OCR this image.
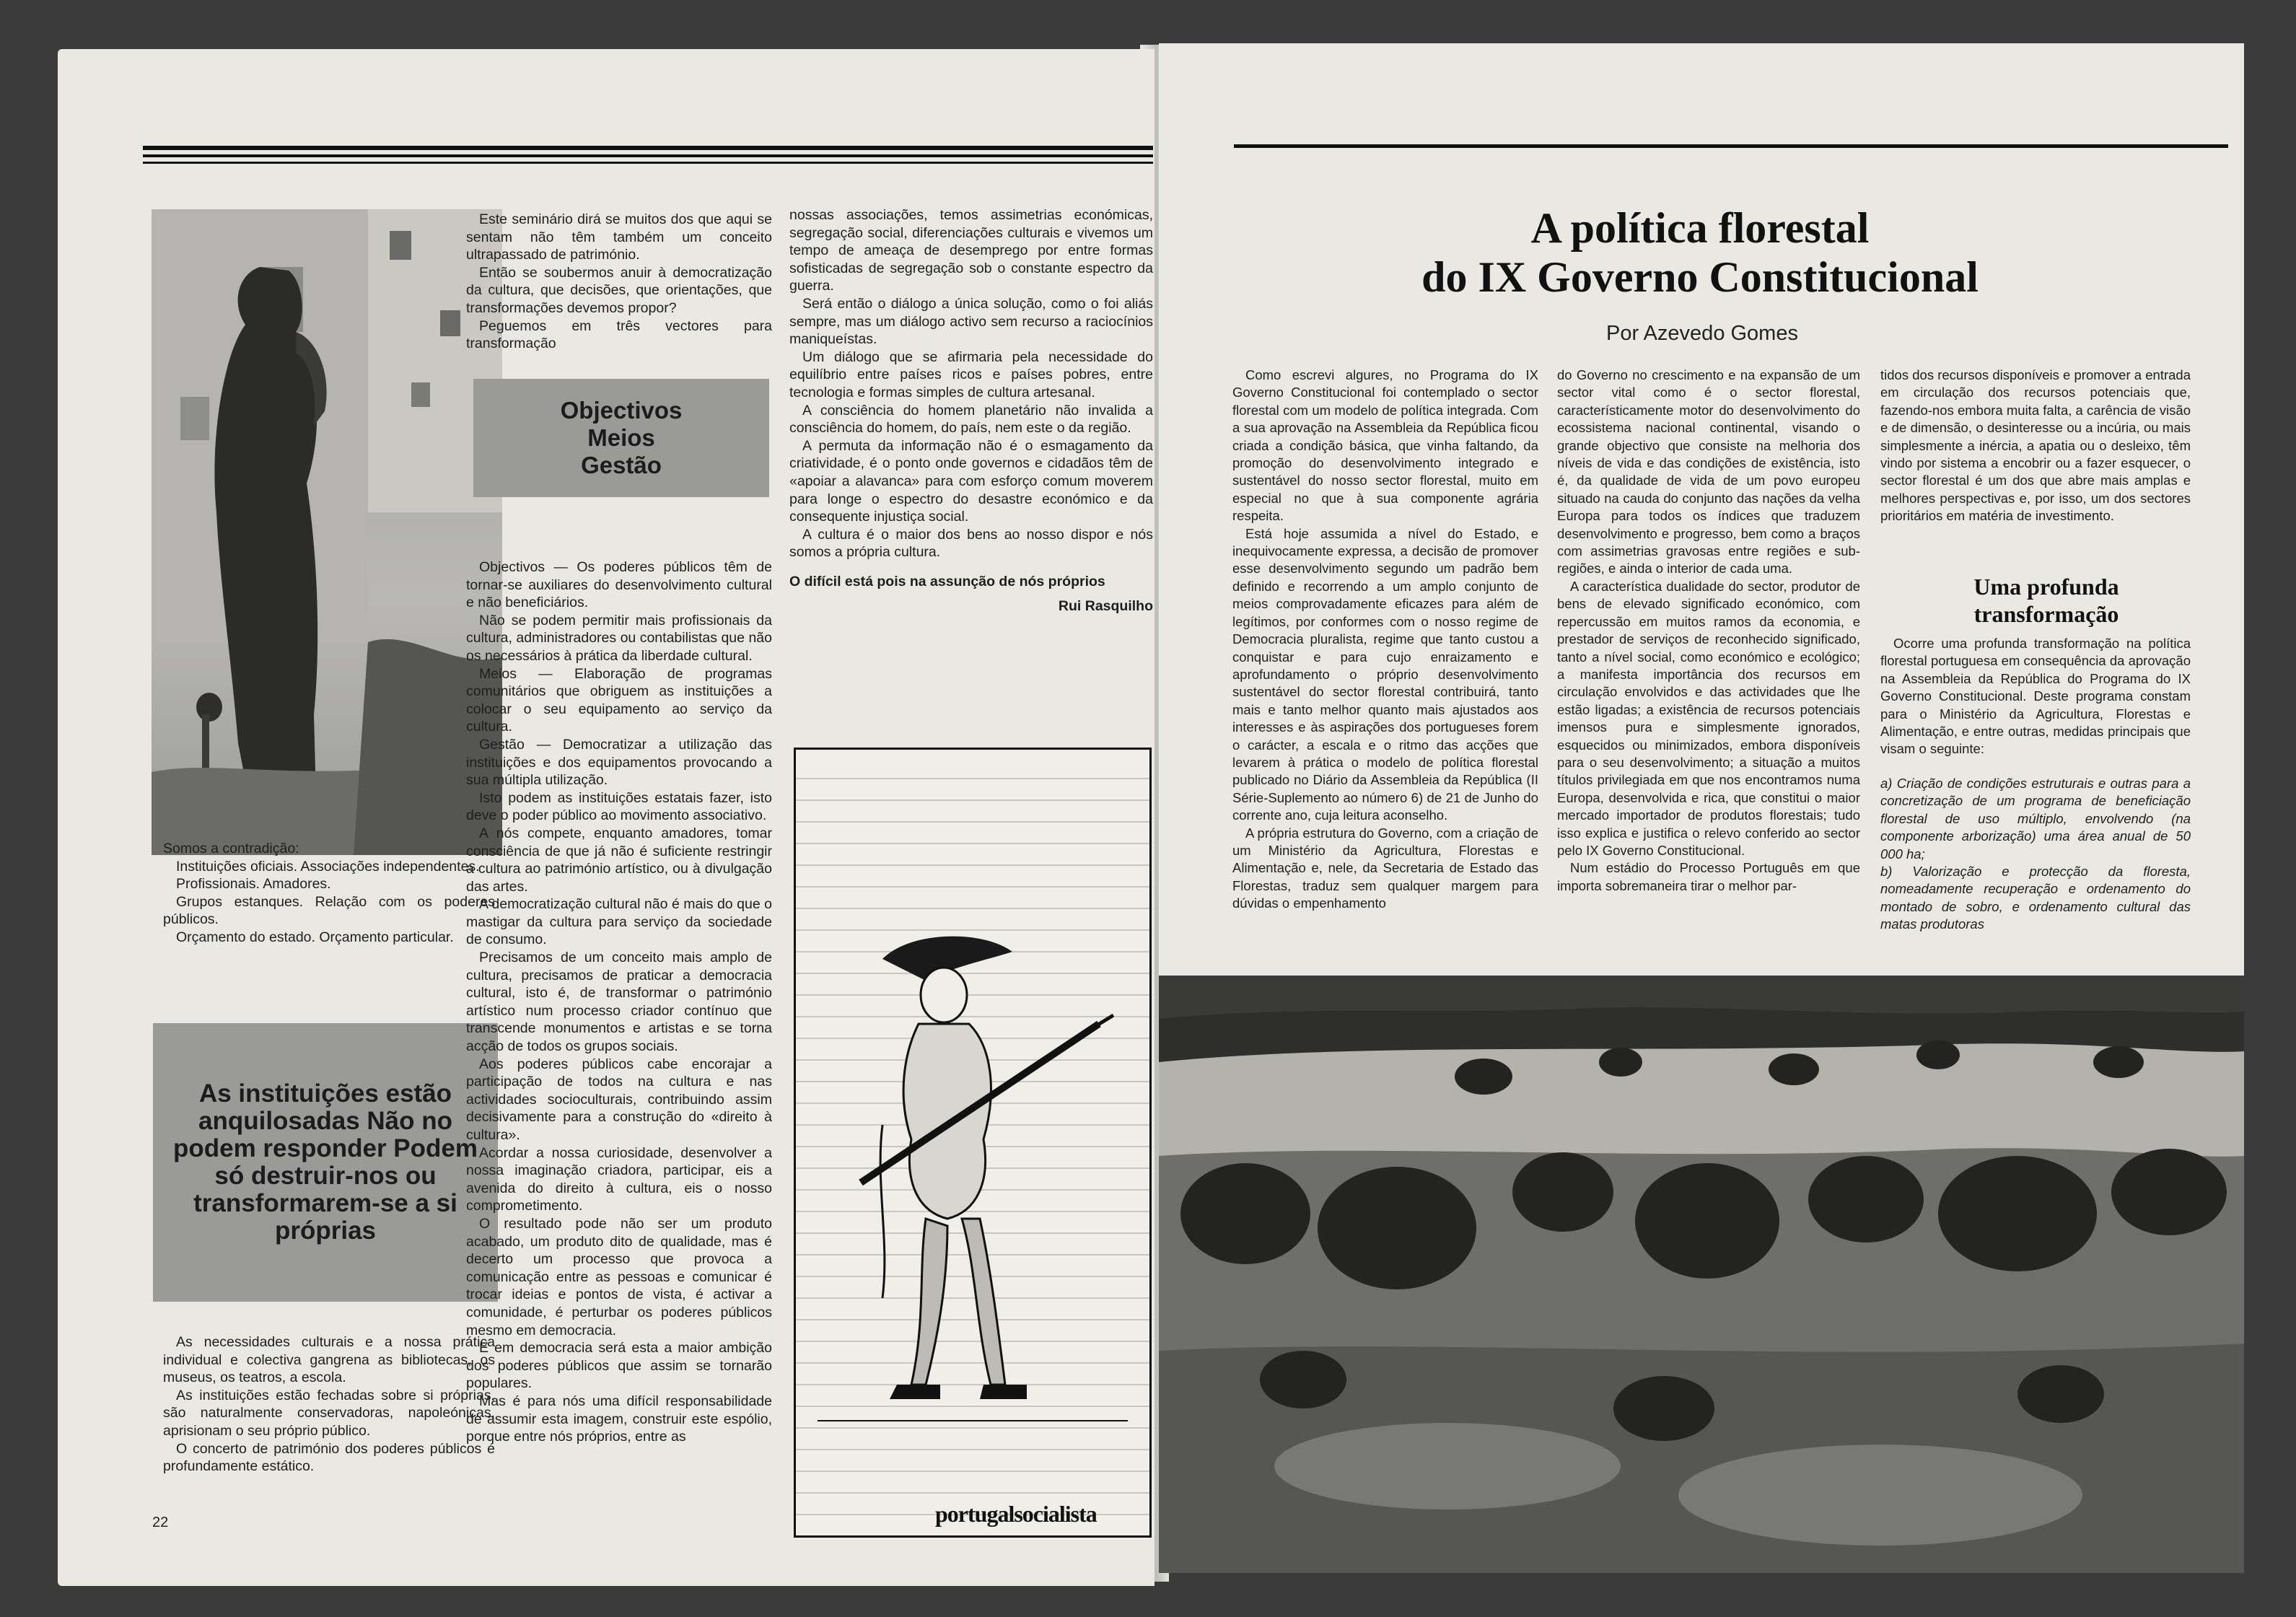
Somos a contradição:

Instituições oficiais. Associações independentes.

Profissionais. Amadores.

Grupos estanques. Relação com os poderes públicos.

Orçamento do estado. Orçamento particular.

As instituições estão anquilosadas Não no podem responder Podem só destruir-nos ou transformarem-se a si próprias

As necessidades culturais e a nossa prática individual e colectiva gangrena as bibliotecas, os museus, os teatros, a escola.

As instituições estão fechadas sobre si próprias, são naturalmente conservadoras, napoleónicas, aprisionam o seu próprio público.

O concerto de património dos poderes públicos é profundamente estático.

Este seminário dirá se muitos dos que aqui se sentam não têm também um conceito ultrapassado de património.

Então se soubermos anuir à democratização da cultura, que decisões, que orientações, que transformações devemos propor?

Peguemos em três vectores para transformação

Objectivos
Meios
Gestão

Objectivos — Os poderes públicos têm de tornar-se auxiliares do desenvolvimento cultural e não beneficiários.

Não se podem permitir mais profissionais da cultura, administradores ou contabilistas que não os necessários à prática da liberdade cultural.

Meios — Elaboração de programas comunitários que obriguem as instituições a colocar o seu equipamento ao serviço da cultura.

Gestão — Democratizar a utilização das instituições e dos equipamentos provocando a sua múltipla utilização.

Isto podem as instituições estatais fazer, isto deve o poder público ao movimento associativo.

A nós compete, enquanto amadores, tomar consciência de que já não é suficiente restringir a cultura ao património artístico, ou à divulgação das artes.

A democratização cultural não é mais do que o mastigar da cultura para serviço da sociedade de consumo.

Precisamos de um conceito mais amplo de cultura, precisamos de praticar a democracia cultural, isto é, de transformar o património artístico num processo criador contínuo que transcende monumentos e artistas e se torna acção de todos os grupos sociais.

Aos poderes públicos cabe encorajar a participação de todos na cultura e nas actividades socioculturais, contribuindo assim decisivamente para a construção do «direito à cultura».

Acordar a nossa curiosidade, desenvolver a nossa imaginação criadora, participar, eis a avenida do direito à cultura, eis o nosso comprometimento.

O resultado pode não ser um produto acabado, um produto dito de qualidade, mas é decerto um processo que provoca a comunicação entre as pessoas e comunicar é trocar ideias e pontos de vista, é activar a comunidade, é perturbar os poderes públicos mesmo em democracia.

E em democracia será esta a maior ambição dos poderes públicos que assim se tornarão populares.

Mas é para nós uma difícil responsabilidade de assumir esta imagem, construir este espólio, porque entre nós próprios, entre as

nossas associações, temos assimetrias económicas, segregação social, diferenciações culturais e vivemos um tempo de ameaça de desemprego por entre formas sofisticadas de segregação sob o constante espectro da guerra.

Será então o diálogo a única solução, como o foi aliás sempre, mas um diálogo activo sem recurso a raciocínios maniqueístas.

Um diálogo que se afirmaria pela necessidade do equilíbrio entre países ricos e países pobres, entre tecnologia e formas simples de cultura artesanal.

A consciência do homem planetário não invalida a consciência do homem, do país, nem este o da região.

A permuta da informação não é o esmagamento da criatividade, é o ponto onde governos e cidadãos têm de «apoiar a alavanca» para com esforço comum moverem para longe o espectro do desastre económico e da consequente injustiça social.

A cultura é o maior dos bens ao nosso dispor e nós somos a própria cultura.

O difícil está pois na assunção de nós próprios

Rui Rasquilho

22	portugalsocialista
A política florestal
do IX Governo Constitucional
Por Azevedo Gomes

Como escrevi algures, no Programa do IX Governo Constitucional foi contemplado o sector florestal com um modelo de política integrada. Com a sua aprovação na Assembleia da República ficou criada a condição básica, que vinha faltando, da promoção do desenvolvimento integrado e sustentável do nosso sector florestal, muito em especial no que à sua componente agrária respeita.

Está hoje assumida a nível do Estado, e inequivocamente expressa, a decisão de promover esse desenvolvimento segundo um padrão bem definido e recorrendo a um amplo conjunto de meios comprovadamente eficazes para além de legítimos, por conformes com o nosso regime de Democracia pluralista, regime que tanto custou a conquistar e para cujo enraizamento e aprofundamento o próprio desenvolvimento sustentável do sector florestal contribuirá, tanto mais e tanto melhor quanto mais ajustados aos interesses e às aspirações dos portugueses forem o carácter, a escala e o ritmo das acções que levarem à prática o modelo de política florestal publicado no Diário da Assembleia da República (II Série-Suplemento ao número 6) de 21 de Junho do corrente ano, cuja leitura aconselho.

A própria estrutura do Governo, com a criação de um Ministério da Agricultura, Florestas e Alimentação e, nele, da Secretaria de Estado das Florestas, traduz sem qualquer margem para dúvidas o empenhamento

do Governo no crescimento e na expansão de um sector vital como é o sector florestal, característicamente motor do desenvolvimento do ecossistema nacional continental, visando o grande objectivo que consiste na melhoria dos níveis de vida e das condições de existência, isto é, da qualidade de vida de um povo europeu situado na cauda do conjunto das nações da velha Europa para todos os índices que traduzem desenvolvimento e progresso, bem como a braços com assimetrias gravosas entre regiões e sub-regiões, e ainda o interior de cada uma.

A característica dualidade do sector, produtor de bens de elevado significado económico, com repercussão em muitos ramos da economia, e prestador de serviços de reconhecido significado, tanto a nível social, como económico e ecológico; a manifesta importância dos recursos em circulação envolvidos e das actividades que lhe estão ligadas; a existência de recursos potenciais imensos pura e simplesmente ignorados, esquecidos ou minimizados, embora disponíveis para o seu desenvolvimento; a situação a muitos títulos privilegiada em que nos encontramos numa Europa, desenvolvida e rica, que constitui o maior mercado importador de produtos florestais; tudo isso explica e justifica o relevo conferido ao sector pelo IX Governo Constitucional.

Num estádio do Processo Português em que importa sobremaneira tirar o melhor par-

tidos dos recursos disponíveis e promover a entrada em circulação dos recursos potenciais que, fazendo-nos embora muita falta, a carência de visão e de dimensão, o desinteresse ou a incúria, ou mais simplesmente a inércia, a apatia ou o desleixo, têm vindo por sistema a encobrir ou a fazer esquecer, o sector florestal é um dos que abre mais amplas e melhores perspectivas e, por isso, um dos sectores prioritários em matéria de investimento.

Uma profunda
transformação

Ocorre uma profunda transformação na política florestal portuguesa em consequência da aprovação na Assembleia da República do Programa do IX Governo Constitucional. Deste programa constam para o Ministério da Agricultura, Florestas e Alimentação, e entre outras, medidas principais que visam o seguinte:

a) Criação de condições estruturais e outras para a concretização de um programa de beneficiação florestal de uso múltiplo, envolvendo (na componente arborização) uma área anual de 50 000 ha;

b) Valorização e protecção da floresta, nomeadamente recuperação e ordenamento do montado de sobro, e ordenamento cultural das matas produtoras
